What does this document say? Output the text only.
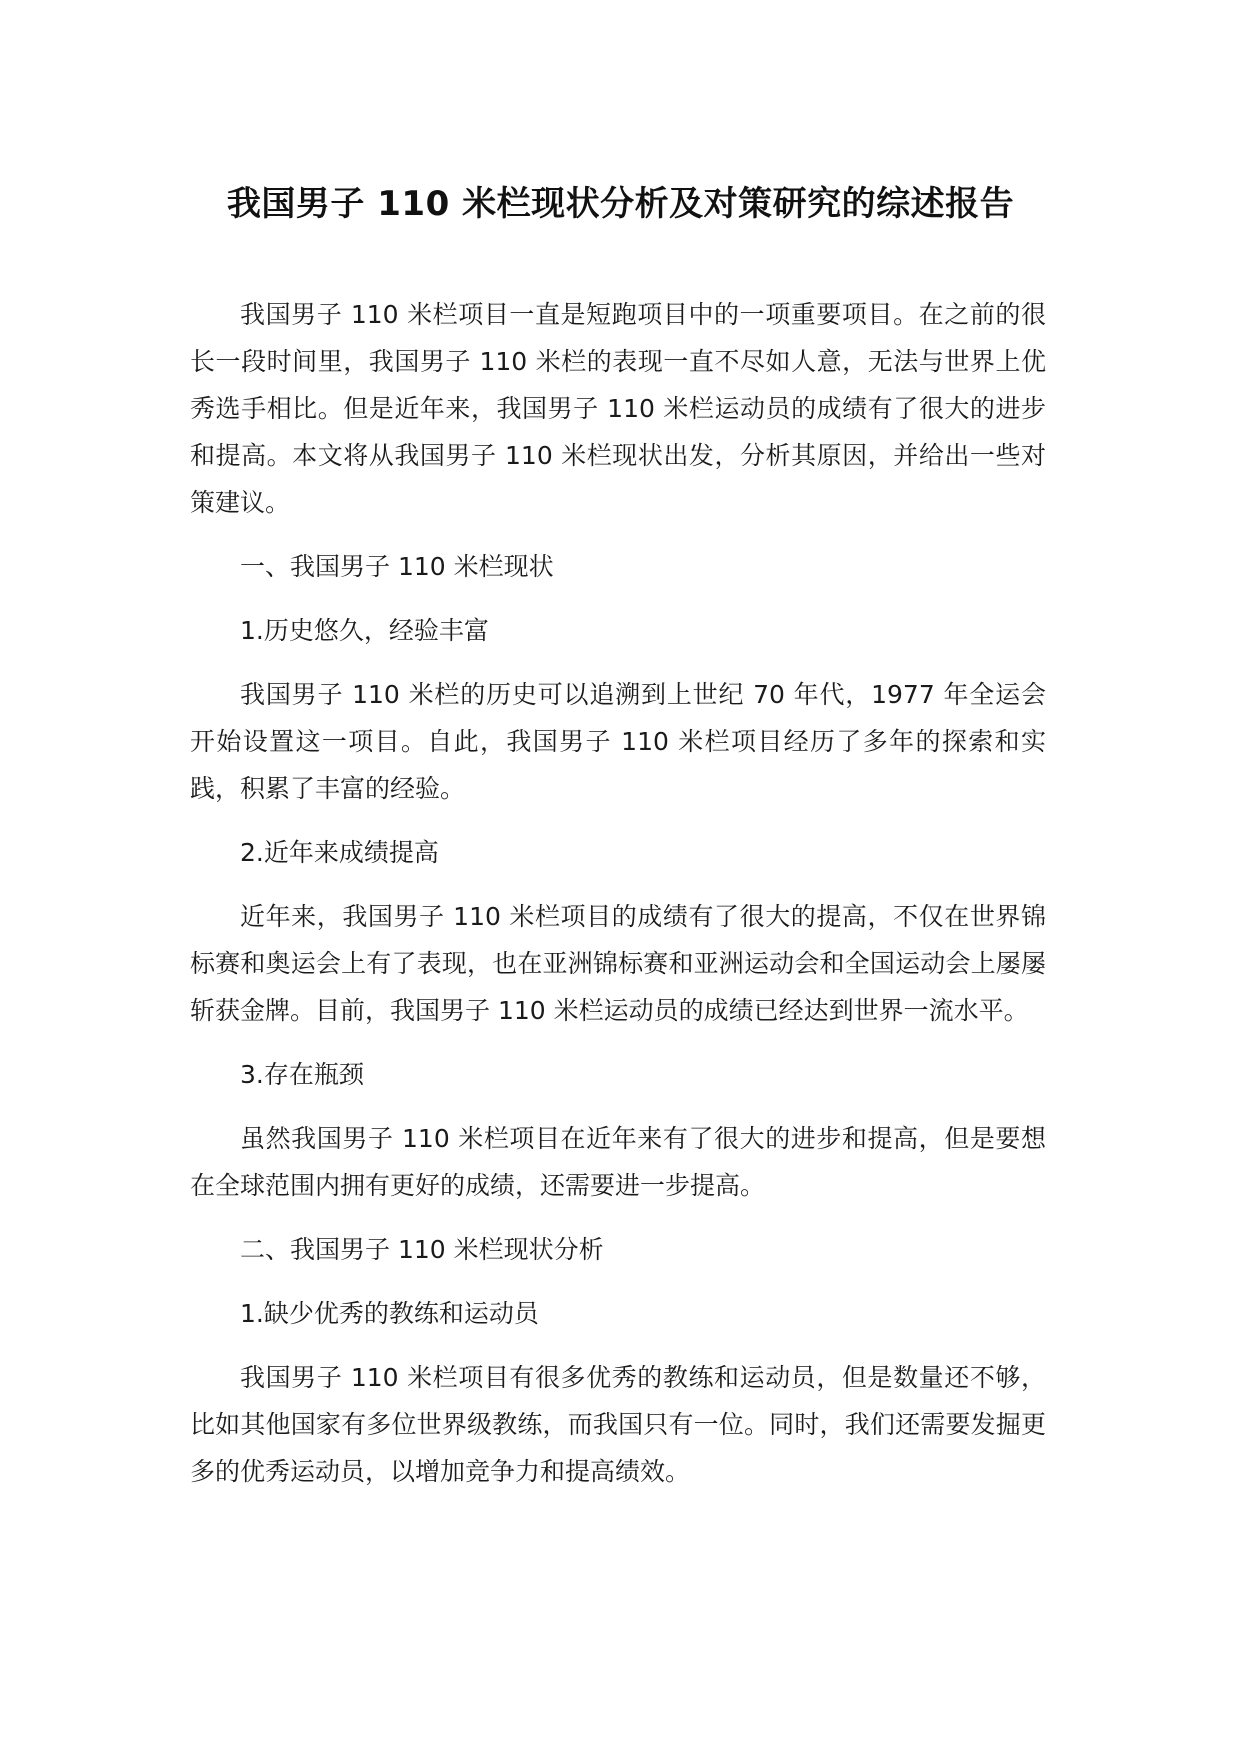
我国男子 110 米栏现状分析及对策研究的综述报告

我国男子 110 米栏项目一直是短跑项目中的一项重要项目。在之前的很长一段时间里，我国男子 110 米栏的表现一直不尽如人意，无法与世界上优秀选手相比。但是近年来，我国男子 110 米栏运动员的成绩有了很大的进步和提高。本文将从我国男子 110 米栏现状出发，分析其原因，并给出一些对策建议。

一、我国男子 110 米栏现状

1.历史悠久，经验丰富

我国男子 110 米栏的历史可以追溯到上世纪 70 年代，1977 年全运会开始设置这一项目。自此，我国男子 110 米栏项目经历了多年的探索和实践，积累了丰富的经验。

2.近年来成绩提高

近年来，我国男子 110 米栏项目的成绩有了很大的提高，不仅在世界锦标赛和奥运会上有了表现，也在亚洲锦标赛和亚洲运动会和全国运动会上屡屡斩获金牌。目前，我国男子 110 米栏运动员的成绩已经达到世界一流水平。

3.存在瓶颈

虽然我国男子 110 米栏项目在近年来有了很大的进步和提高，但是要想在全球范围内拥有更好的成绩，还需要进一步提高。

二、我国男子 110 米栏现状分析

1.缺少优秀的教练和运动员

我国男子 110 米栏项目有很多优秀的教练和运动员，但是数量还不够，比如其他国家有多位世界级教练，而我国只有一位。同时，我们还需要发掘更多的优秀运动员，以增加竞争力和提高绩效。
